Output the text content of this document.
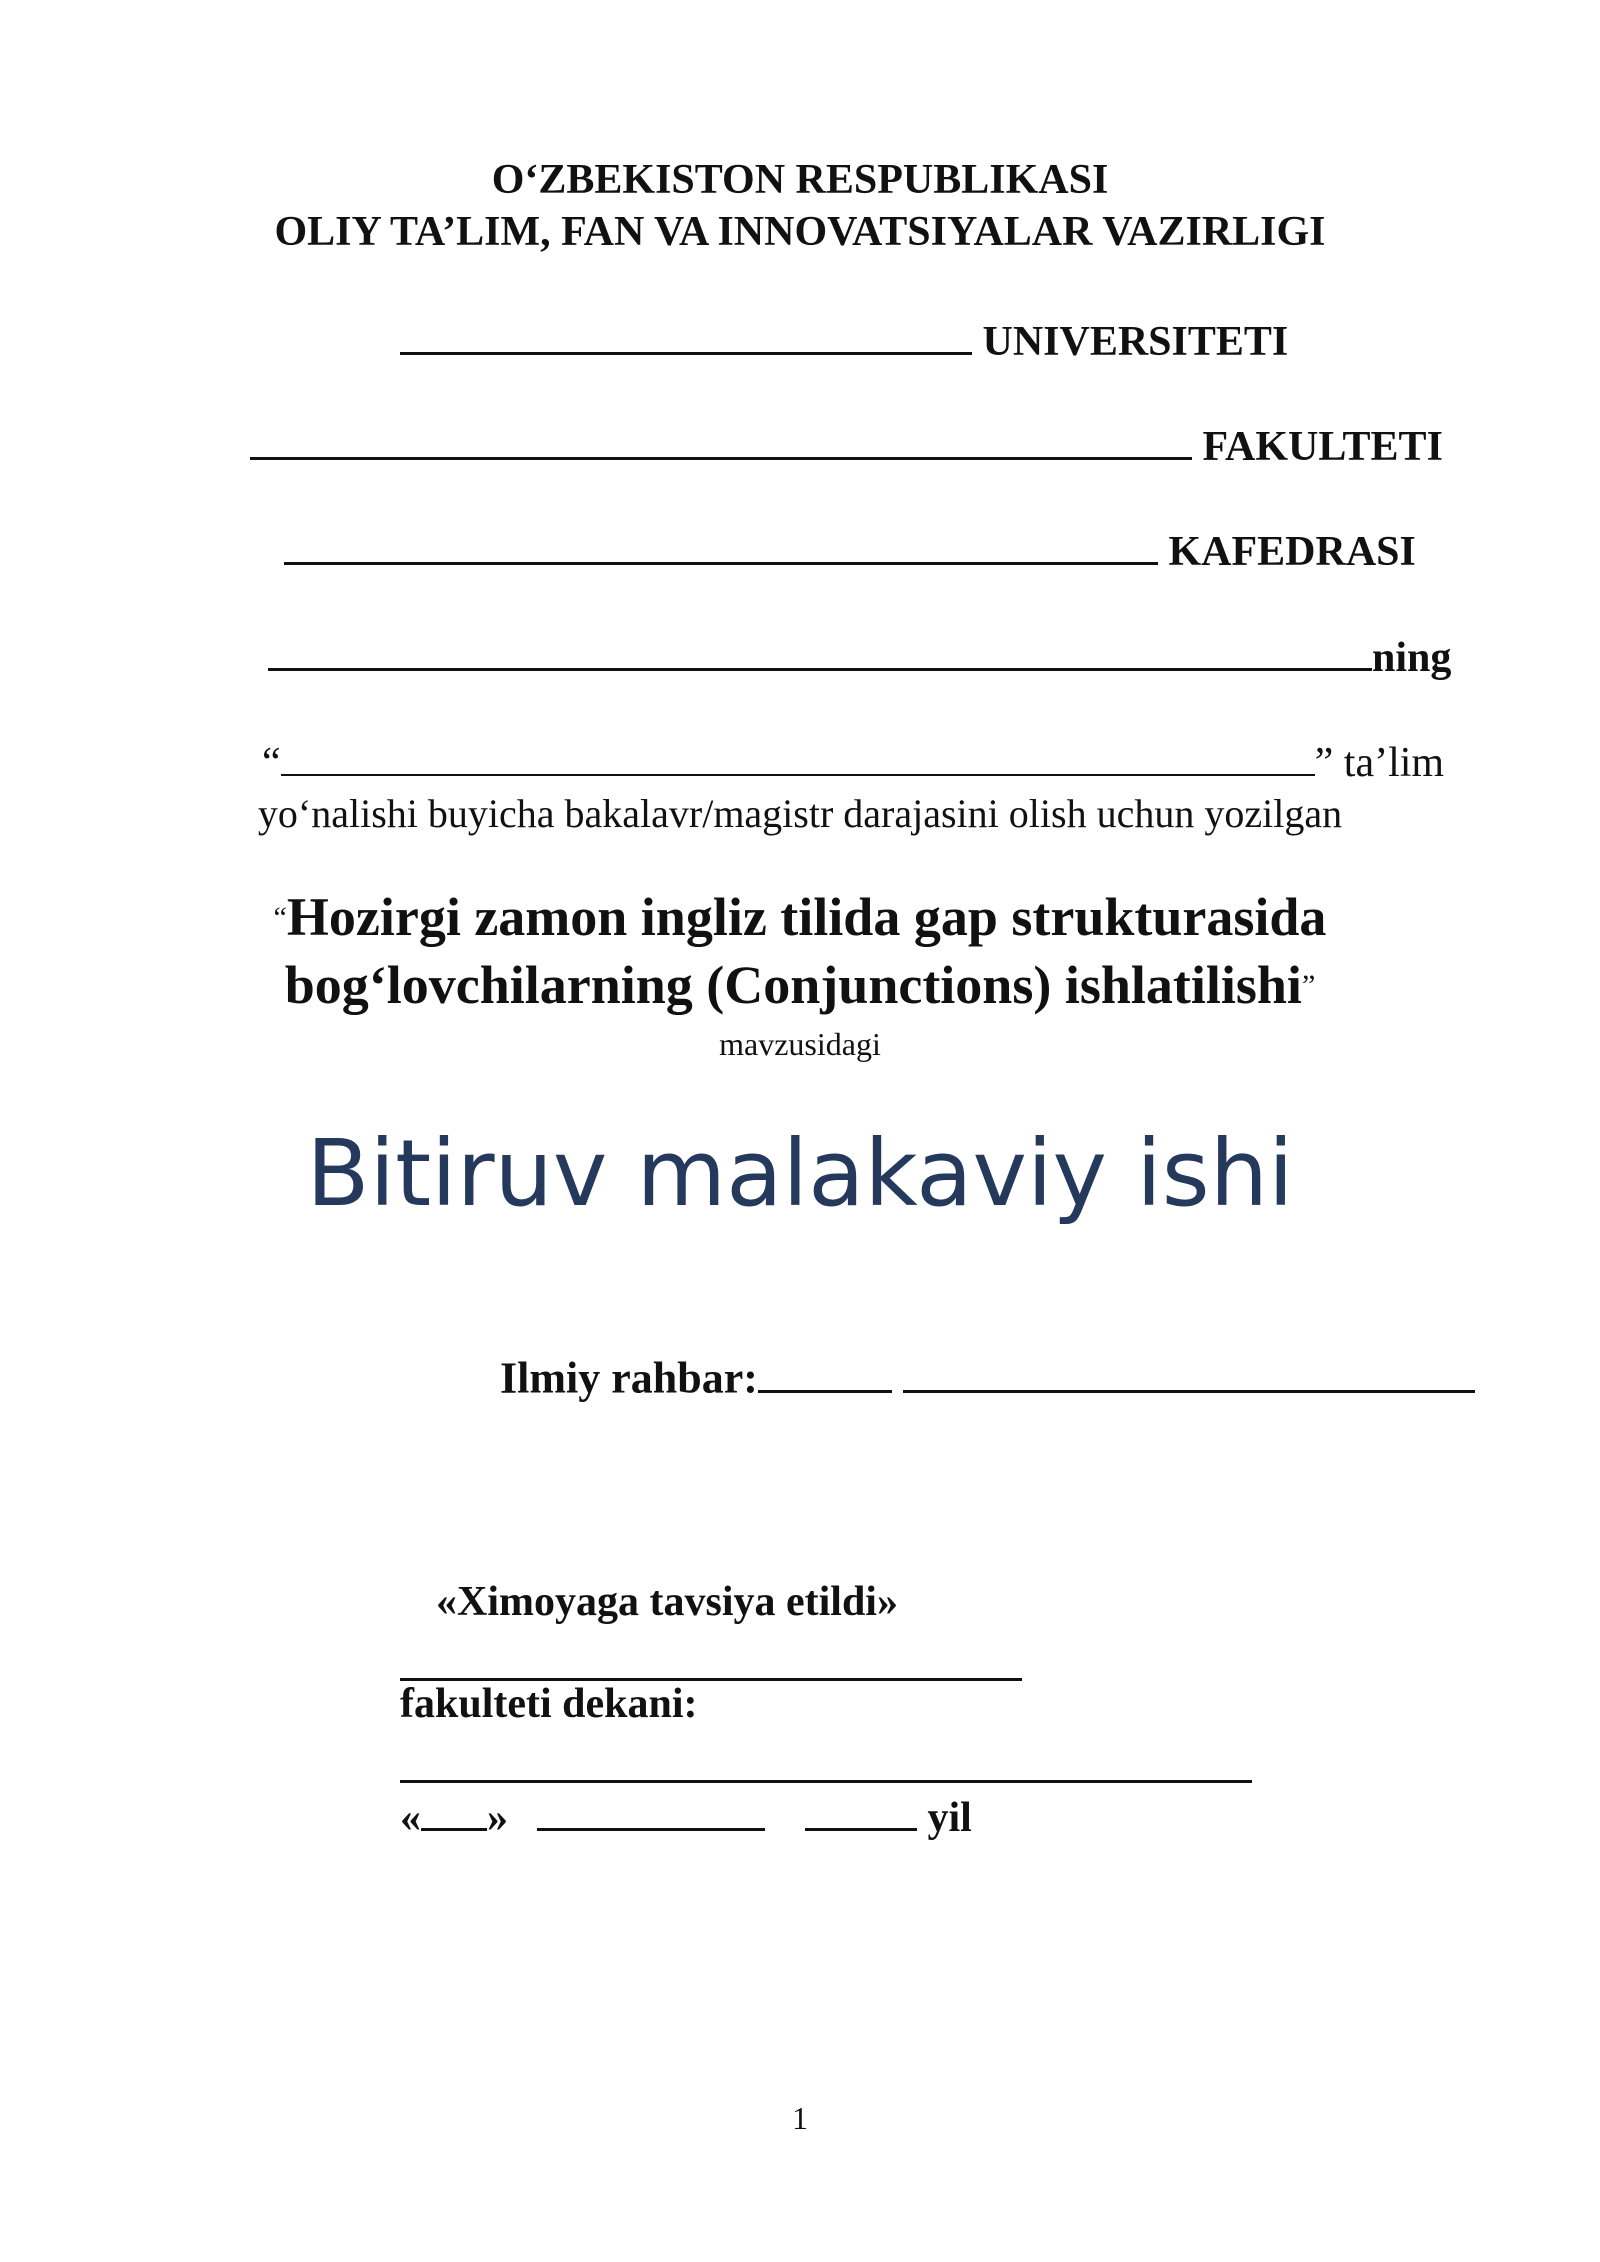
O‘ZBEKISTON RESPUBLIKASI
OLIY TA’LIM, FAN VA INNOVATSIYALAR VAZIRLIGI
UNIVERSITETI
FAKULTETI
KAFEDRASI
ning
“	” ta’lim
yo‘nalishi buyicha bakalavr/magistr darajasini olish uchun yozilgan
“Hozirgi zamon ingliz tilida gap strukturasida
bog‘lovchilarning (Conjunctions) ishlatilishi”
mavzusidagi
Bitiruv malakaviy ishi
Ilmiy rahbar:
«Ximoyaga tavsiya etildi»
fakulteti dekani:
« »	yil
1
